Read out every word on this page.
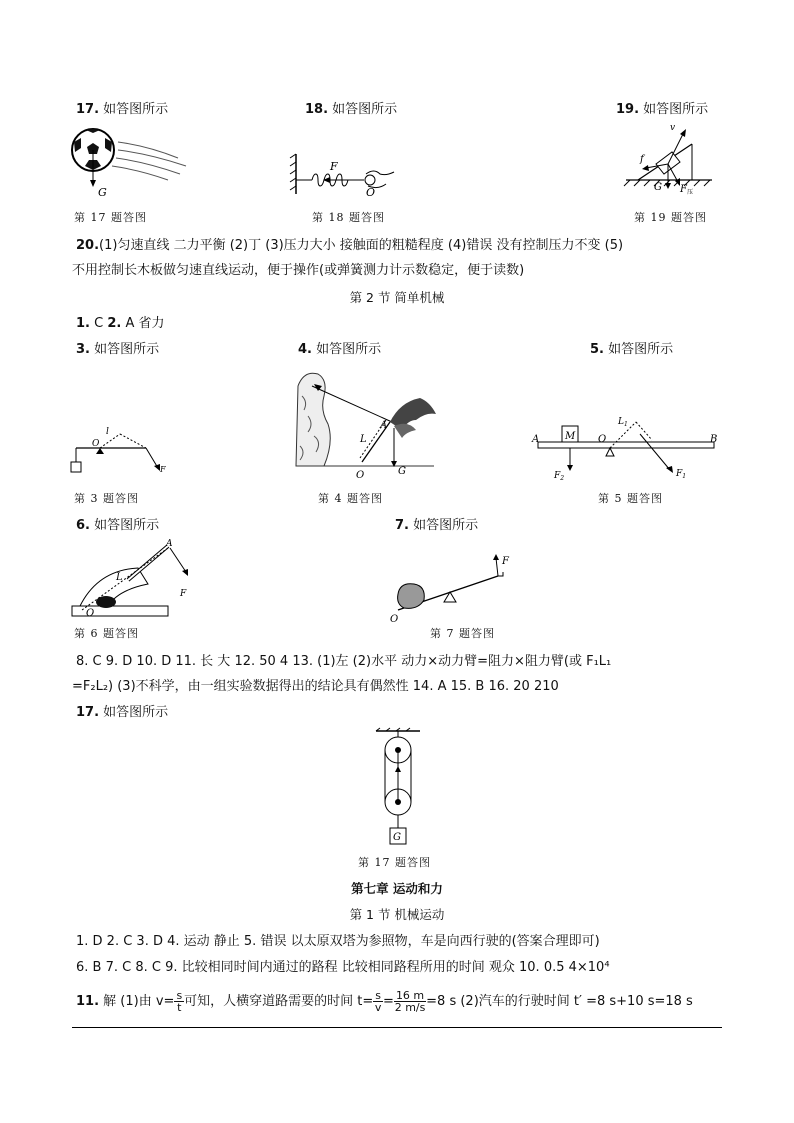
17. 如答图所示	18. 如答图所示	19. 如答图所示
G
第 17 题答图
F
O
第 18 题答图
v
f
G $F_压$
第 19 题答图
20.(1)匀速直线 二力平衡 (2)丁 (3)压力大小 接触面的粗糙程度 (4)错误 没有控制压力不变 (5)
不用控制长木板做匀速直线运动，便于操作(或弹簧测力计示数稳定，便于读数)
第 2 节 简单机械
1. C 2. A 省力
3. 如答图所示	4. 如答图所示	5. 如答图所示
l
O
F
第 3 题答图
A
L
O	G
第 4 题答图
A	B
M O
$L_1$
$F_2$	$F_1$
第 5 题答图
6. 如答图所示	7. 如答图所示
A
L
O
F
第 6 题答图
F
O
第 7 题答图
8. C 9. D 10. D 11. 长 大 12. 50 4 13. (1)左 (2)水平 动力×动力臂=阻力×阻力臂(或 F₁L₁
=F₂L₂) (3)不科学，由一组实验数据得出的结论具有偶然性 14. A 15. B 16. 20 210
17. 如答图所示
G
第 17 题答图
第七章 运动和力
第 1 节 机械运动
1. D 2. C 3. D 4. 运动 静止 5. 错误 以太原双塔为参照物，车是向西行驶的(答案合理即可)
6. B 7. C 8. C 9. 比较相同时间内通过的路程 比较相同路程所用的时间 观众 10. 0.5 4×10⁴
11. 解 (1)由 $v= \frac{s}{t}$ 可知，人横穿道路需要的时间 $t= \frac{s}{v} = \frac{16 m}{2 m/s} =8$ s (2)汽车的行驶时间 t′ =8 s+10 s=18 s
